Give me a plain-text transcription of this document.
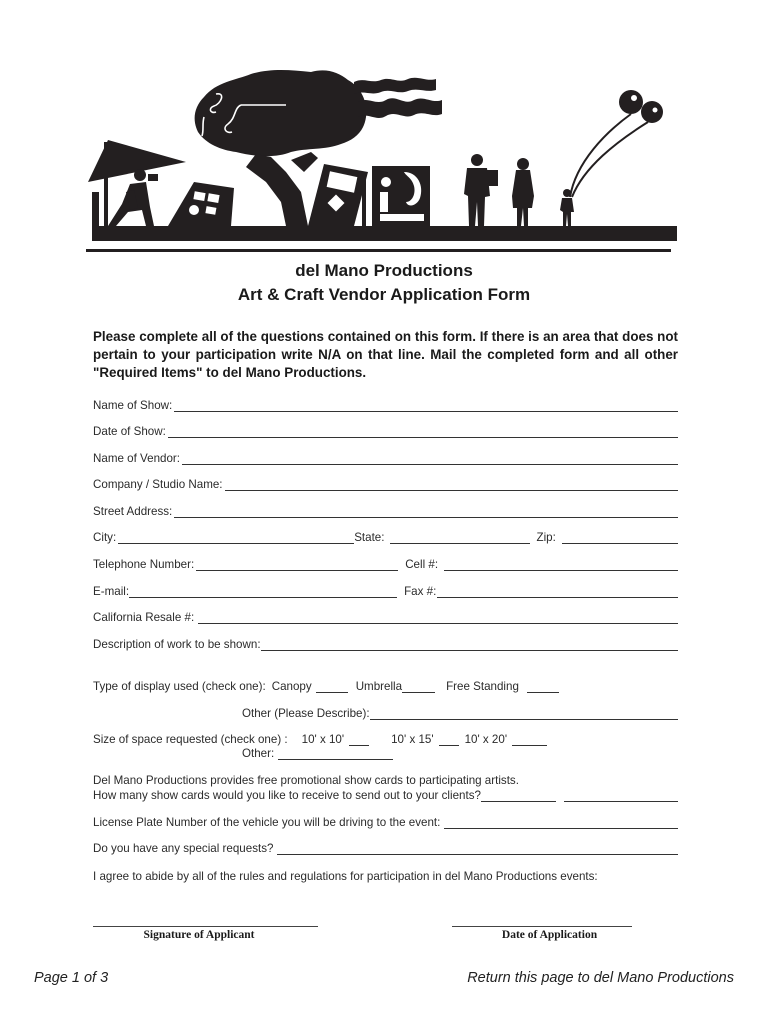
del Mano Productions
Art & Craft Vendor Application Form
Please complete all of the questions contained on this form. If there is an area that does not pertain to your participation write N/A on that line. Mail the completed form and all other "Required Items" to del Mano Productions.
Name of Show:
Date of Show:
Name of Vendor:
Company / Studio Name:
Street Address:
City:	State:	Zip:
Telephone Number:	Cell #:
E-mail:	Fax #:
California Resale #:
Description of work to be shown:
Type of display used (check one): Canopy	Umbrella	Free Standing
Other (Please Describe):
Size of space requested (check one) : 10' x 10'	10' x 15'	10' x 20'
Other:
Del Mano Productions provides free promotional show cards to participating artists.
How many show cards would you like to receive to send out to your clients?
License Plate Number of the vehicle you will be driving to the event:
Do you have any special requests?
I agree to abide by all of the rules and regulations for participation in del Mano Productions events:
Signature of Applicant	Date of Application
Page 1 of 3	Return this page to del Mano Productions
